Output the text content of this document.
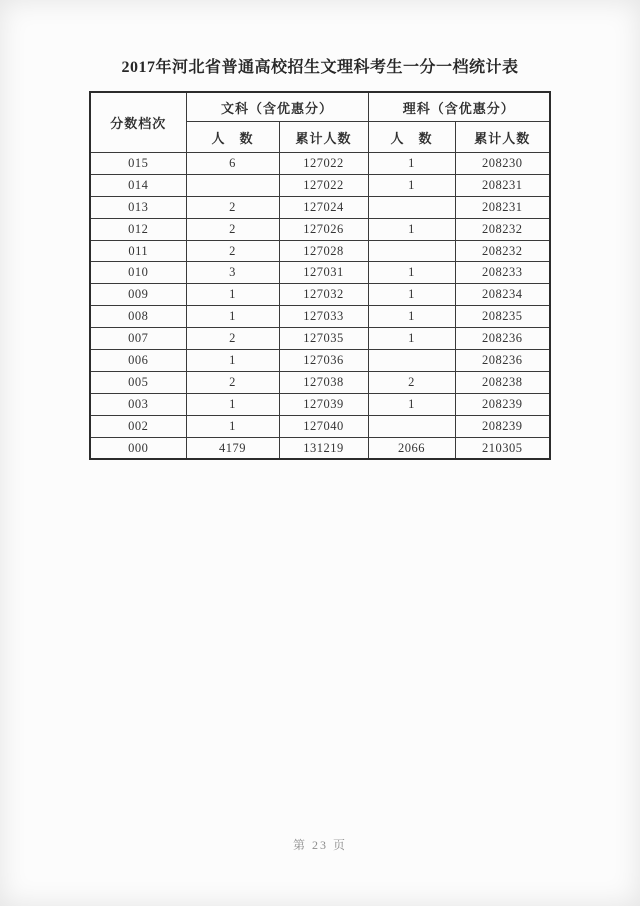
2017年河北省普通高校招生文理科考生一分一档统计表
分数档次	文科（含优惠分）		理科（含优惠分）	
	人　数	累计人数	人　数	累计人数
015	6	127022	1	208230
014		127022	1	208231
013	2	127024		208231
012	2	127026	1	208232
011	2	127028		208232
010	3	127031	1	208233
009	1	127032	1	208234
008	1	127033	1	208235
007	2	127035	1	208236
006	1	127036		208236
005	2	127038	2	208238
003	1	127039	1	208239
002	1	127040		208239
000	4179	131219	2066	210305
第 23 页
